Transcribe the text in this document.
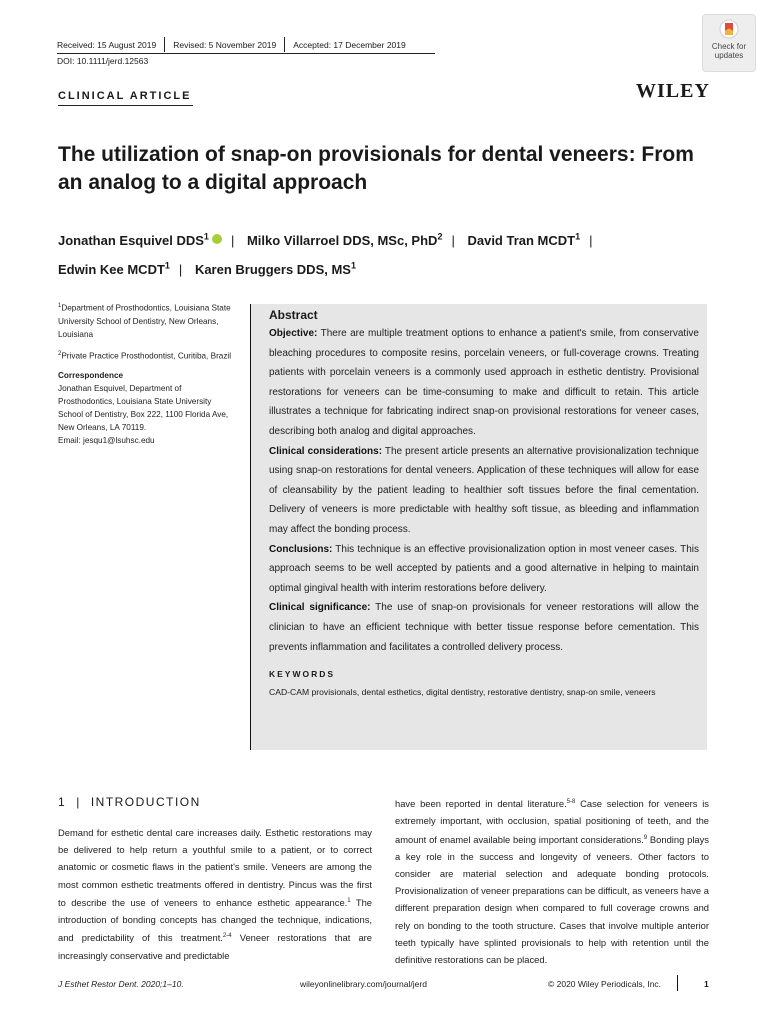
Received: 15 August 2019	Revised: 5 November 2019	Accepted: 17 December 2019
DOI: 10.1111/jerd.12563
Check for
updates
CLINICAL ARTICLE	WILEY
The utilization of snap-on provisionals for dental veneers: From an analog to a digital approach
Jonathan Esquivel DDS$^1$ | Milko Villarroel DDS, MSc, PhD$^2$ | David Tran MCDT$^1$ |
Edwin Kee MCDT$^1$ | Karen Bruggers DDS, $MS^1$

$^1$Department of Prosthodontics, Louisiana State University School of Dentistry, New Orleans, Louisiana

$^2$Private Practice Prosthodontist, Curitiba, Brazil

Correspondence

Jonathan Esquivel, Department of Prosthodontics, Louisiana State University School of Dentistry, Box 222, 1100 Florida Ave, New Orleans, LA 70119.

Email: jesqu1@lsuhsc.edu

Abstract
Objective: There are multiple treatment options to enhance a patient's smile, from conservative bleaching procedures to composite resins, porcelain veneers, or full-coverage crowns. Treating patients with porcelain veneers is a commonly used approach in esthetic dentistry. Provisional restorations for veneers can be time-consuming to make and difficult to retain. This article illustrates a technique for fabricating indirect snap-on provisional restorations for veneer cases, describing both analog and digital approaches.
Clinical considerations: The present article presents an alternative provisionalization technique using snap-on restorations for dental veneers. Application of these techniques will allow for ease of cleansability by the patient leading to healthier soft tissues before the final cementation. Delivery of veneers is more predictable with healthy soft tissue, as bleeding and inflammation may affect the bonding process.
Conclusions: This technique is an effective provisionalization option in most veneer cases. This approach seems to be well accepted by patients and a good alternative in helping to maintain optimal gingival health with interim restorations before delivery.
Clinical significance: The use of snap-on provisionals for veneer restorations will allow the clinician to have an efficient technique with better tissue response before cementation. This prevents inflammation and facilitates a controlled delivery process.
KEYWORDS
CAD-CAM provisionals, dental esthetics, digital dentistry, restorative dentistry, snap-on smile, veneers
1 | INTRODUCTION

Demand for esthetic dental care increases daily. Esthetic restorations may be delivered to help return a youthful smile to a patient, or to correct anatomic or cosmetic flaws in the patient's smile. Veneers are among the most common esthetic treatments offered in dentistry. Pincus was the first to describe the use of veneers to enhance esthetic appearance.$^1$ The introduction of bonding concepts has changed the technique, indications, and predictability of this treatment.$^{2-4}$ Veneer restorations that are increasingly conservative and predictable

have been reported in dental literature.$^{5-8}$ Case selection for veneers is extremely important, with occlusion, spatial positioning of teeth, and the amount of enamel available being important considerations.$^9$ Bonding plays a key role in the success and longevity of veneers. Other factors to consider are material selection and adequate bonding protocols. Provisionalization of veneer preparations can be difficult, as veneers have a different preparation design when compared to full coverage crowns and rely on bonding to the tooth structure. Cases that involve multiple anterior teeth typically have splinted provisionals to help with retention until the definitive restorations can be placed.

J Esthet Restor Dent. 2020;1–10.	wileyonlinelibrary.com/journal/jerd	© 2020 Wiley Periodicals, Inc.	1
